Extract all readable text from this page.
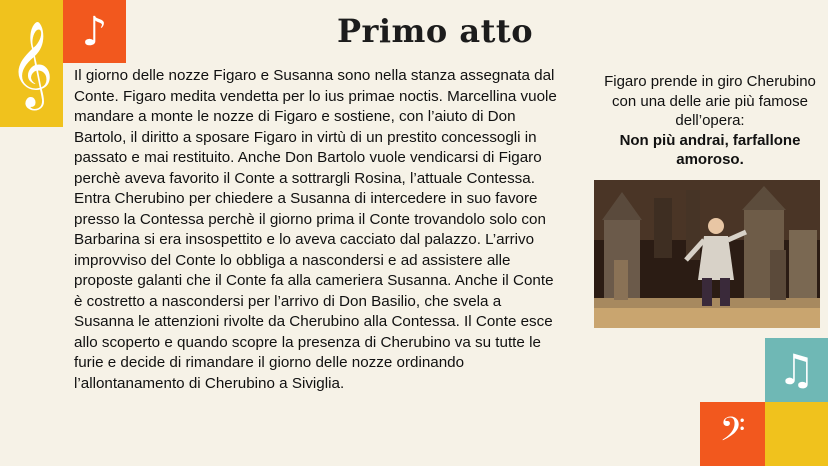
𝄞 ♪	Primo atto

Il giorno delle nozze Figaro e Susanna sono nella stanza assegnata dal Conte. Figaro medita vendetta per lo ius primae noctis. Marcellina vuole mandare a monte le nozze di Figaro e sostiene, con l’aiuto di Don Bartolo, il diritto a sposare Figaro in virtù di un prestito concessogli in passato e mai restituito. Anche Don Bartolo vuole vendicarsi di Figaro perchè aveva favorito il Conte a sottrargli Rosina, l’attuale Contessa. Entra Cherubino per chiedere a Susanna di intercedere in suo favore presso la Contessa perchè il giorno prima il Conte trovandolo solo con Barbarina si era insospettito e lo aveva cacciato dal palazzo. L’arrivo improvviso del Conte lo obbliga a nascondersi e ad assistere alle proposte galanti che il Conte fa alla cameriera Susanna. Anche il Conte è costretto a nascondersi per l’arrivo di Don Basilio, che svela a Susanna le attenzioni rivolte da Cherubino alla Contessa. Il Conte esce allo scoperto e quando scopre la presenza di Cherubino va su tutte le furie e decide di rimandare il giorno delle nozze ordinando l’allontanamento di Cherubino a Siviglia.

Figaro prende in giro Cherubino con una delle arie più famose dell’opera:
Non più andrai, farfallone amoroso.

♫
𝄢
